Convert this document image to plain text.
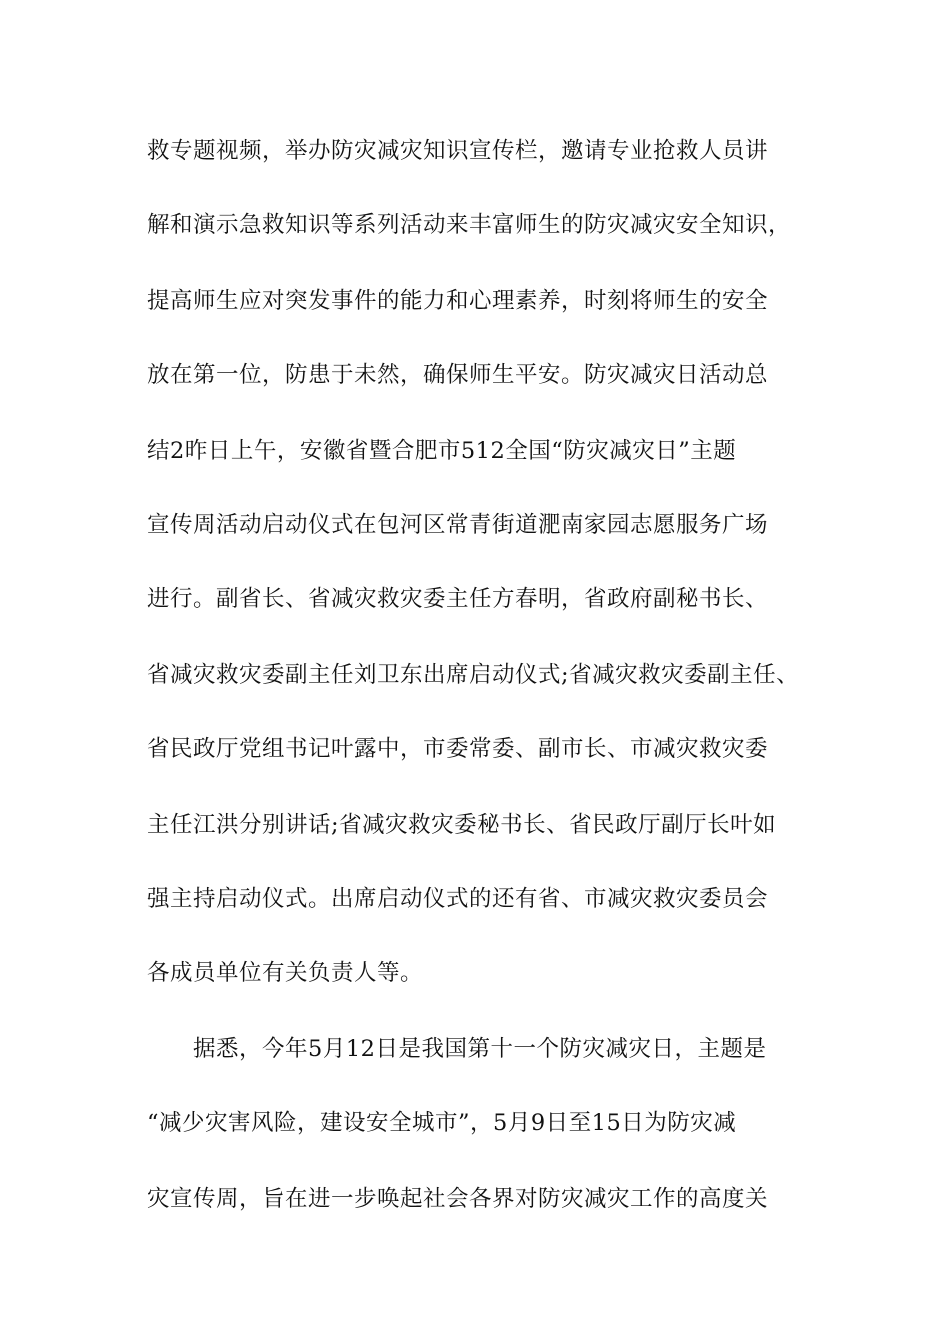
救专题视频，举办防灾减灾知识宣传栏，邀请专业抢救人员讲
解和演示急救知识等系列活动来丰富师生的防灾减灾安全知识，
提高师生应对突发事件的能力和心理素养，时刻将师生的安全
放在第一位，防患于未然，确保师生平安。防灾减灾日活动总
结2昨日上午，安徽省暨合肥市512全国“防灾减灾日”主题
宣传周活动启动仪式在包河区常青街道淝南家园志愿服务广场
进行。副省长、省减灾救灾委主任方春明，省政府副秘书长、
省减灾救灾委副主任刘卫东出席启动仪式;省减灾救灾委副主任、
省民政厅党组书记叶露中，市委常委、副市长、市减灾救灾委
主任江洪分别讲话;省减灾救灾委秘书长、省民政厅副厅长叶如
强主持启动仪式。出席启动仪式的还有省、市减灾救灾委员会
各成员单位有关负责人等。
据悉，今年5月12日是我国第十一个防灾减灾日，主题是
“减少灾害风险，建设安全城市”，5月9日至15日为防灾减
灾宣传周，旨在进一步唤起社会各界对防灾减灾工作的高度关
